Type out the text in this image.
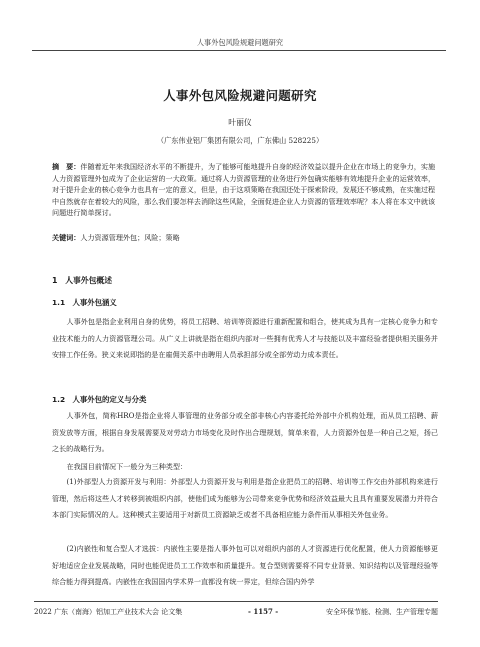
人事外包风险规避问题研究
人事外包风险规避问题研究
叶丽仪
（广东伟业铝厂集团有限公司，广东佛山 528225）
摘　要：伴随着近年来我国经济水平的不断提升，为了能够可能地提升自身的经济效益以提升企业在市场上的竞争力，实施人力资源管理外包成为了企业运营的一大政策。通过将人力资源管理的业务进行外包确实能够有效地提升企业的运营效率，对于提升企业的核心竞争力也具有一定的意义，但是，由于这项策略在我国还处于探索阶段，发展还不够成熟，在实施过程中自然就存在着较大的风险，那么我们要怎样去消除这些风险，全面促进企业人力资源的管理效率呢？本人将在本文中就该问题进行简单探讨。
关键词：人力资源管理外包；风险；策略
1　人事外包概述
1.1　人事外包涵义
人事外包是指企业利用自身的优势，将员工招聘、培训等资源进行重新配置和组合，使其成为具有一定核心竞争力和专业技术能力的人力资源管理公司。从广义上讲就是指在组织内部对一些拥有优秀人才与技能以及丰富经验者提供相关服务并安排工作任务。狭义来说即指的是在雇佣关系中由聘用人员承担部分或全部劳动力成本责任。
1.2　人事外包的定义与分类
人事外包，简称HRO是指企业将人事管理的业务部分或全部非核心内容委托给外部中介机构处理，而从员工招聘、薪资发放等方面，根据自身发展需要及对劳动力市场变化及时作出合理规划，简单来看，人力资源外包是一种自己之短，扬己之长的战略行为。
在我国目前情况下一般分为三种类型：
(1)外部型人力资源开发与利用：外部型人力资源开发与利用是指企业把员工的招聘、培训等工作交由外部机构来进行管理，然后将这些人才转移到被组织内部，使他们成为能够为公司带来竞争优势和经济效益最大且具有重要发展潜力并符合本部门实际情况的人。这种模式主要适用于对新员工资源缺乏或者不具备相应能力条件而从事相关外包业务。
(2)内嵌性和复合型人才选拔：内嵌性主要是指人事外包可以对组织内部的人才资源进行优化配置，使人力资源能够更好地适应企业发展战略，同时也能促进员工工作效率和质量提升。复合型则需要将不同专业背景、知识结构以及管理经验等综合能力得到提高。内嵌性在我国国内学术界一直都没有统一界定，但综合国内外学
2022 广东（南海）铝加工产业技术大会 论文集	- 1157 -	安全环保节能、检测、生产管理专题
